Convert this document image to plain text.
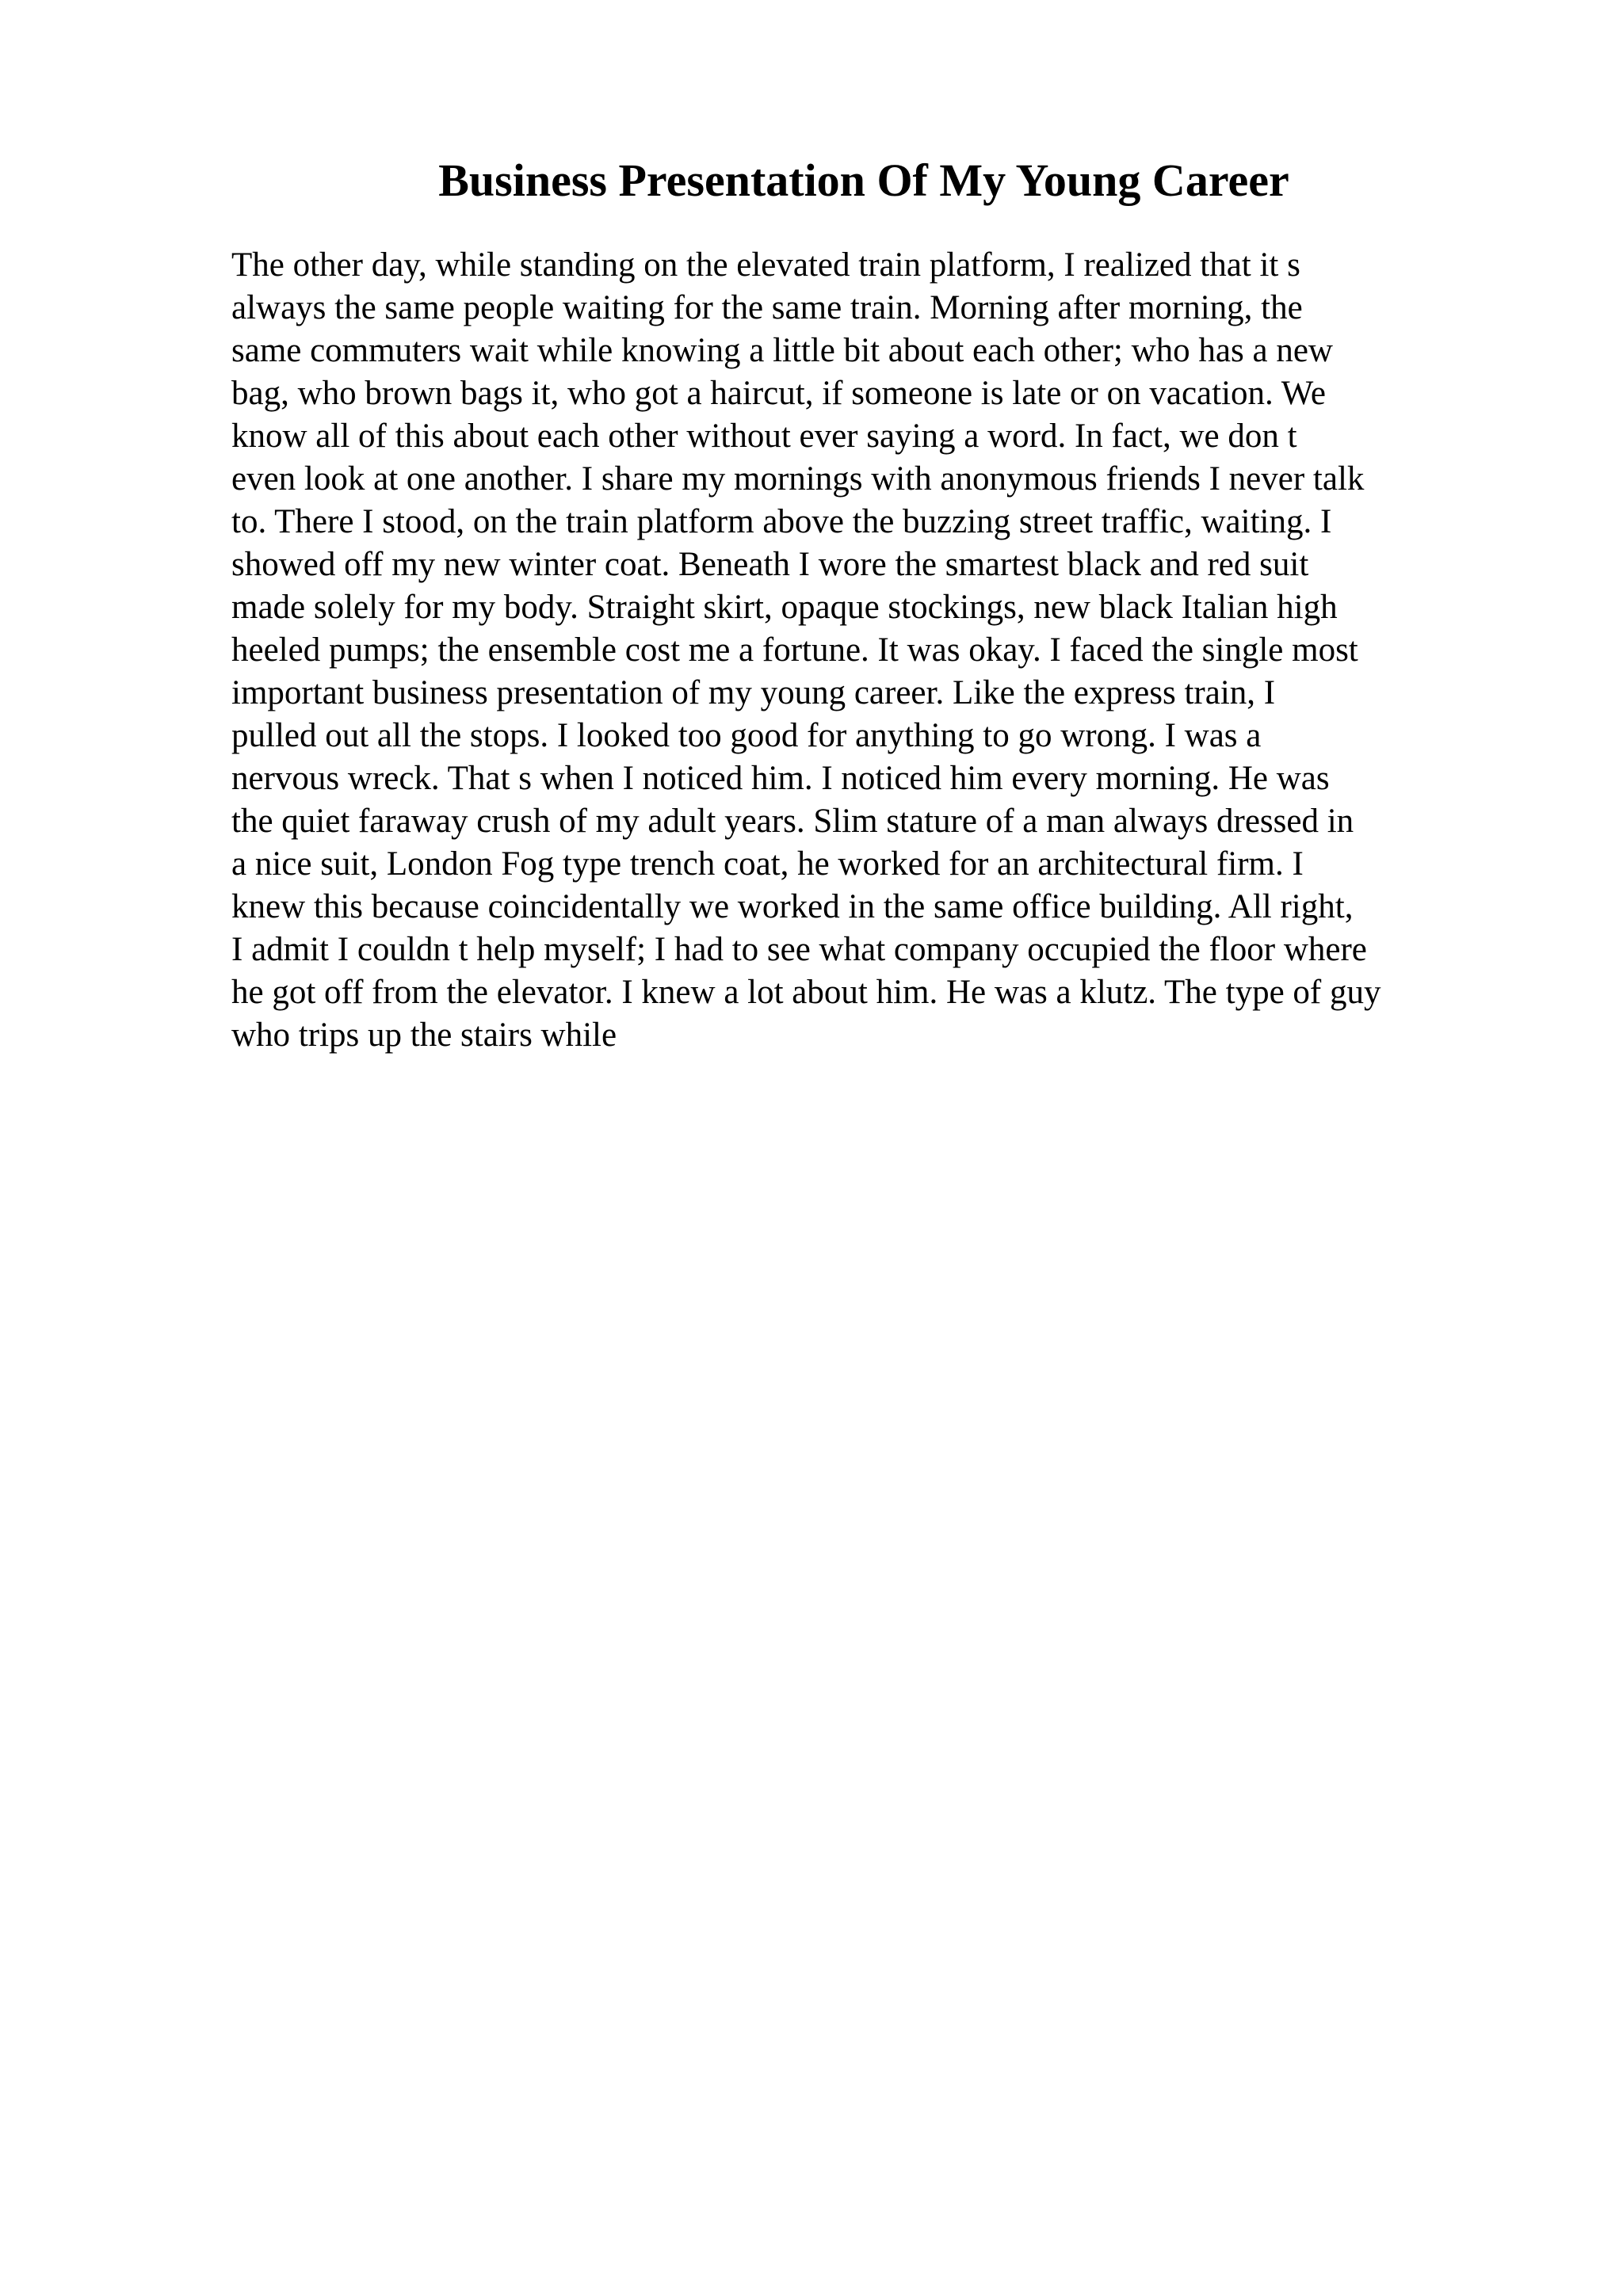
Business Presentation Of My Young Career
The other day, while standing on the elevated train platform, I realized that it s
always the same people waiting for the same train. Morning after morning, the
same commuters wait while knowing a little bit about each other; who has a new
bag, who brown bags it, who got a haircut, if someone is late or on vacation. We
know all of this about each other without ever saying a word. In fact, we don t
even look at one another. I share my mornings with anonymous friends I never talk
to. There I stood, on the train platform above the buzzing street traffic, waiting. I
showed off my new winter coat. Beneath I wore the smartest black and red suit
made solely for my body. Straight skirt, opaque stockings, new black Italian high
heeled pumps; the ensemble cost me a fortune. It was okay. I faced the single most
important business presentation of my young career. Like the express train, I
pulled out all the stops. I looked too good for anything to go wrong. I was a
nervous wreck. That s when I noticed him. I noticed him every morning. He was
the quiet faraway crush of my adult years. Slim stature of a man always dressed in
a nice suit, London Fog type trench coat, he worked for an architectural firm. I
knew this because coincidentally we worked in the same office building. All right,
I admit I couldn t help myself; I had to see what company occupied the floor where
he got off from the elevator. I knew a lot about him. He was a klutz. The type of guy
who trips up the stairs while
